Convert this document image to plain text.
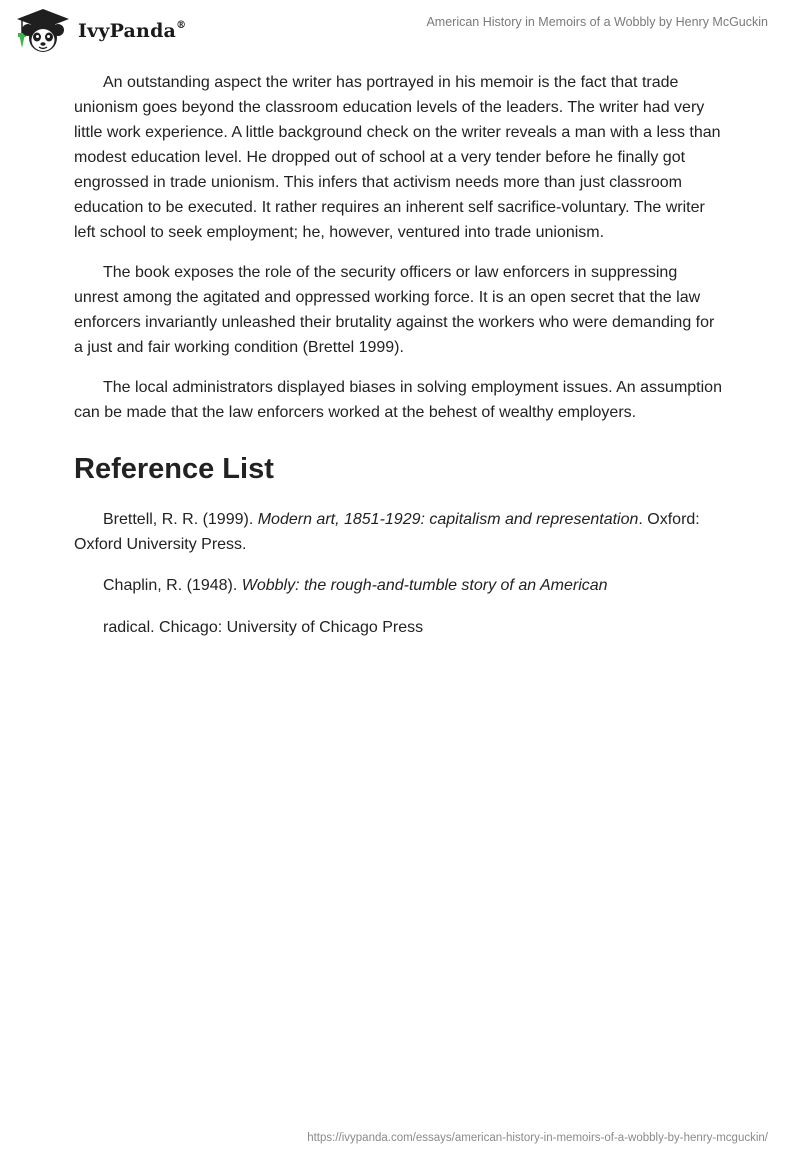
IvyPanda®	American History in Memoirs of a Wobbly by Henry McGuckin

An outstanding aspect the writer has portrayed in his memoir is the fact that trade unionism goes beyond the classroom education levels of the leaders. The writer had very little work experience. A little background check on the writer reveals a man with a less than modest education level. He dropped out of school at a very tender before he finally got engrossed in trade unionism. This infers that activism needs more than just classroom education to be executed. It rather requires an inherent self sacrifice-voluntary. The writer left school to seek employment; he, however, ventured into trade unionism.

The book exposes the role of the security officers or law enforcers in suppressing unrest among the agitated and oppressed working force. It is an open secret that the law enforcers invariantly unleashed their brutality against the workers who were demanding for a just and fair working condition (Brettel 1999).

The local administrators displayed biases in solving employment issues. An assumption can be made that the law enforcers worked at the behest of wealthy employers.

Reference List

Brettell, R. R. (1999). Modern art, 1851-1929: capitalism and representation. Oxford: Oxford University Press.

Chaplin, R. (1948). Wobbly: the rough-and-tumble story of an American

radical. Chicago: University of Chicago Press

https://ivypanda.com/essays/american-history-in-memoirs-of-a-wobbly-by-henry-mcguckin/
